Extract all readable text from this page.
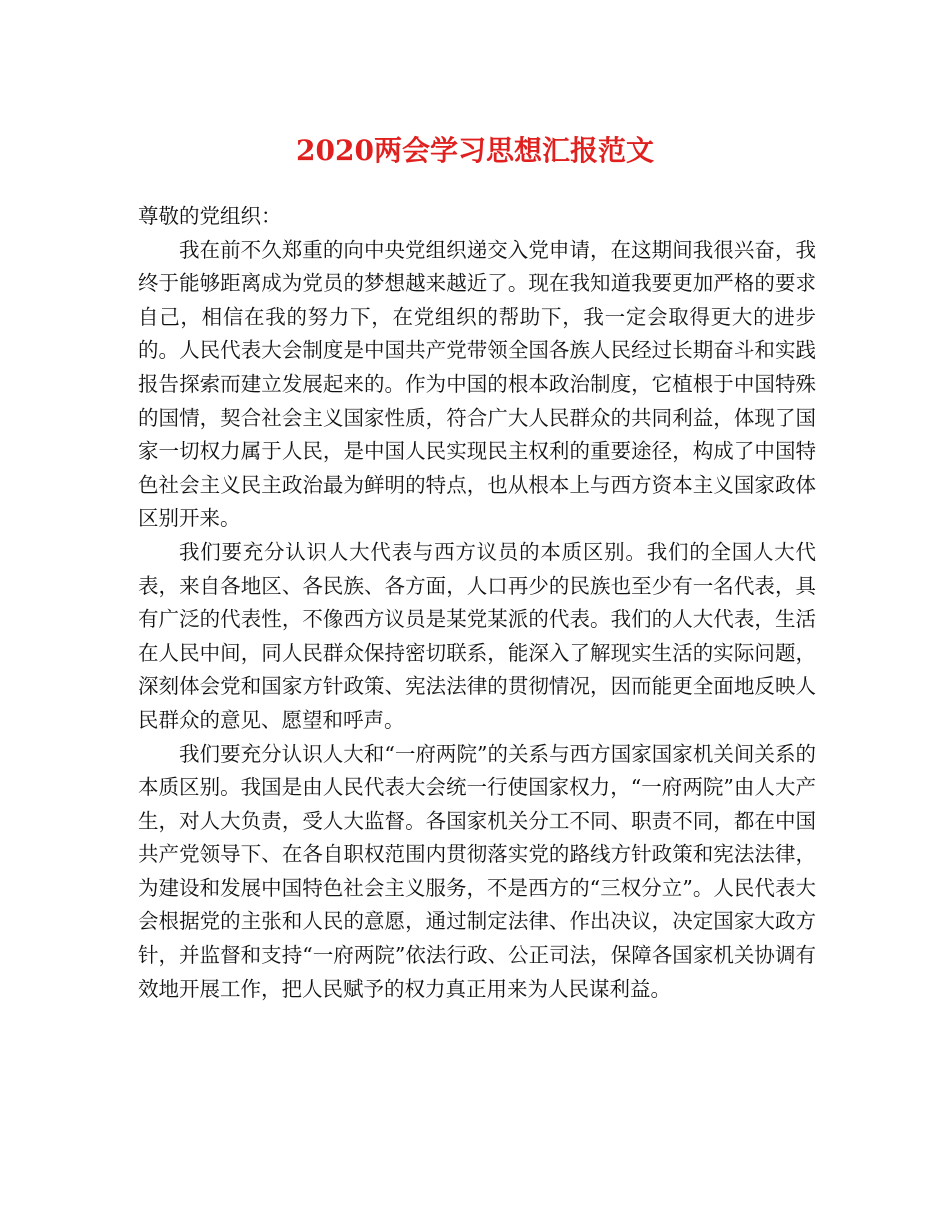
2020两会学习思想汇报范文

尊敬的党组织：

我在前不久郑重的向中央党组织递交入党申请，在这期间我很兴奋，我终于能够距离成为党员的梦想越来越近了。现在我知道我要更加严格的要求自己，相信在我的努力下，在党组织的帮助下，我一定会取得更大的进步的。人民代表大会制度是中国共产党带领全国各族人民经过长期奋斗和实践报告探索而建立发展起来的。作为中国的根本政治制度，它植根于中国特殊的国情，契合社会主义国家性质，符合广大人民群众的共同利益，体现了国家一切权力属于人民，是中国人民实现民主权利的重要途径，构成了中国特色社会主义民主政治最为鲜明的特点，也从根本上与西方资本主义国家政体区别开来。

我们要充分认识人大代表与西方议员的本质区别。我们的全国人大代表，来自各地区、各民族、各方面，人口再少的民族也至少有一名代表，具有广泛的代表性，不像西方议员是某党某派的代表。我们的人大代表，生活在人民中间，同人民群众保持密切联系，能深入了解现实生活的实际问题，深刻体会党和国家方针政策、宪法法律的贯彻情况，因而能更全面地反映人民群众的意见、愿望和呼声。

我们要充分认识人大和“一府两院”的关系与西方国家国家机关间关系的本质区别。我国是由人民代表大会统一行使国家权力，“一府两院”由人大产生，对人大负责，受人大监督。各国家机关分工不同、职责不同，都在中国共产党领导下、在各自职权范围内贯彻落实党的路线方针政策和宪法法律，为建设和发展中国特色社会主义服务，不是西方的“三权分立”。人民代表大会根据党的主张和人民的意愿，通过制定法律、作出决议，决定国家大政方针，并监督和支持“一府两院”依法行政、公正司法，保障各国家机关协调有效地开展工作，把人民赋予的权力真正用来为人民谋利益。
